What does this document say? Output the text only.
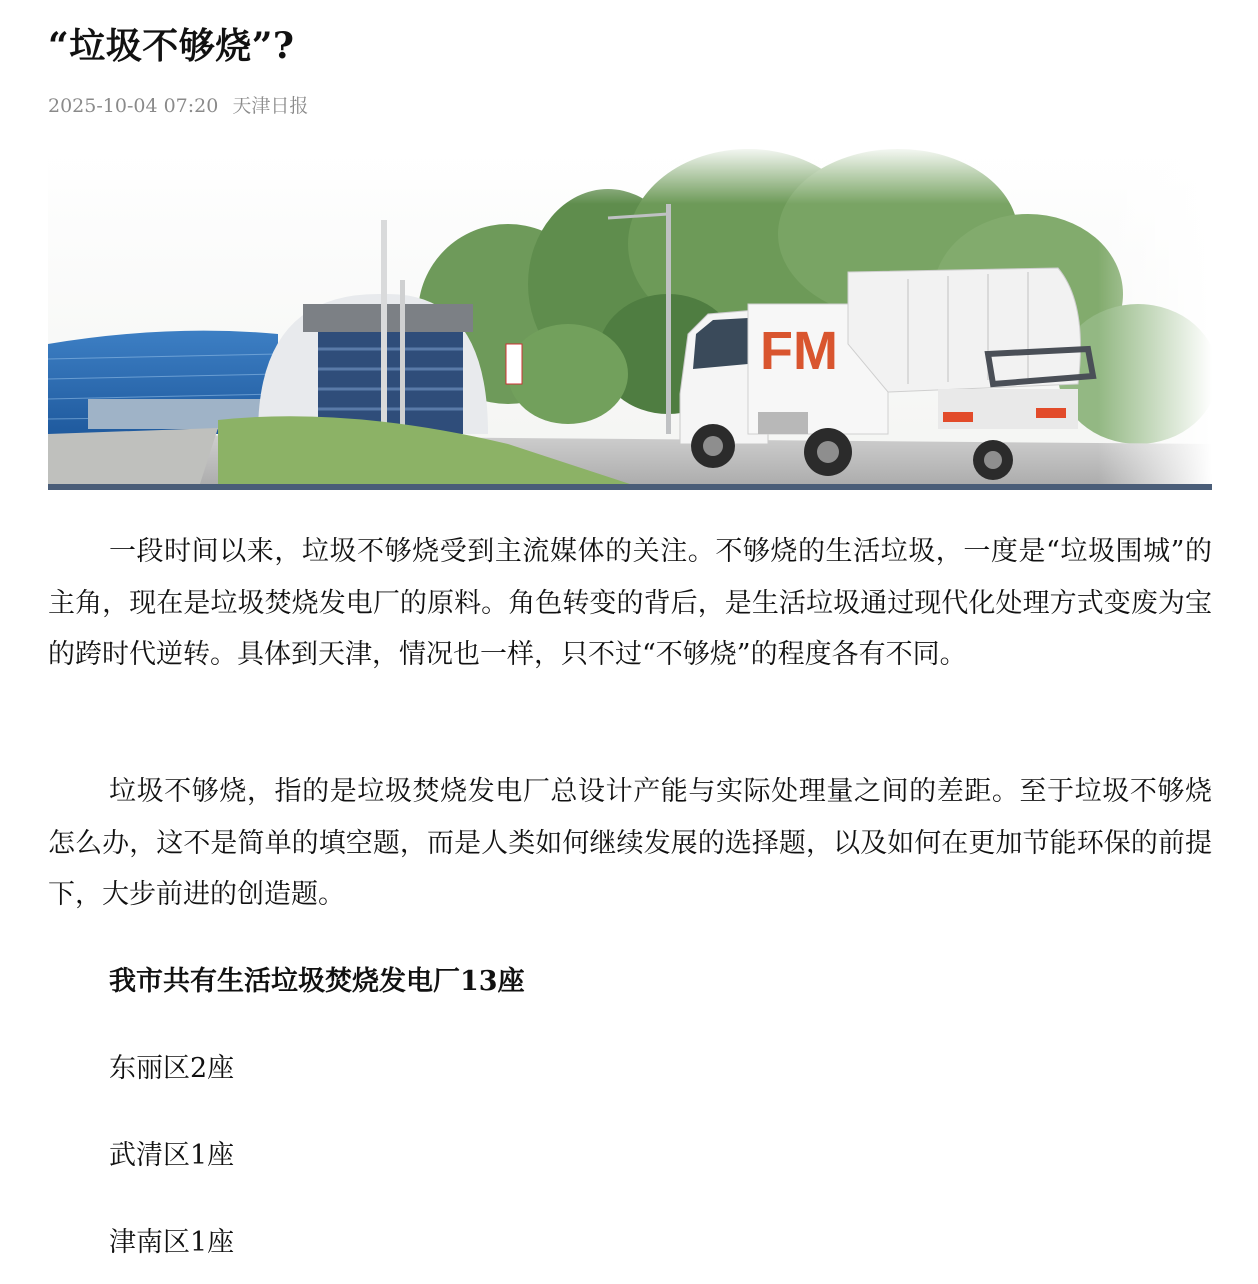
“垃圾不够烧”?
2025-10-04 07:20 天津日报
FM

一段时间以来，垃圾不够烧受到主流媒体的关注。不够烧的生活垃圾，一度是“垃圾围城”的主角，现在是垃圾焚烧发电厂的原料。角色转变的背后，是生活垃圾通过现代化处理方式变废为宝的跨时代逆转。具体到天津，情况也一样，只不过“不够烧”的程度各有不同。

垃圾不够烧，指的是垃圾焚烧发电厂总设计产能与实际处理量之间的差距。至于垃圾不够烧怎么办，这不是简单的填空题，而是人类如何继续发展的选择题，以及如何在更加节能环保的前提下，大步前进的创造题。

我市共有生活垃圾焚烧发电厂13座

东丽区2座

武清区1座

津南区1座
